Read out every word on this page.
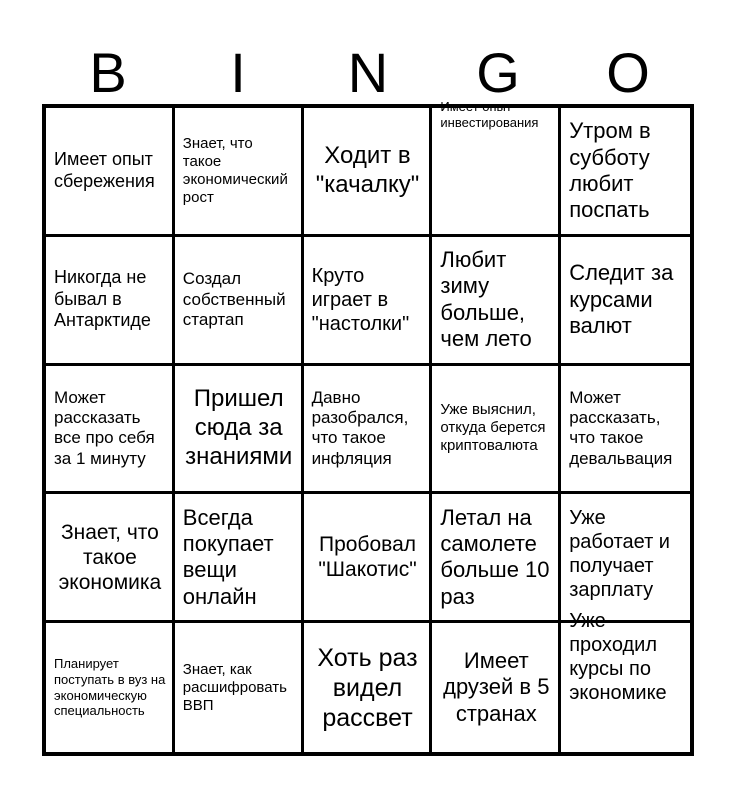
B	I	N	G	O
Имеет опыт сбережения
Знает, что такое экономический рост
Ходит в "качалку"
Имеет опыт инвестирования	Утром в субботу любит поспать
Никогда не бывал в Антарктиде
Создал собственный стартап
Круто играет в "настолки"
Любит зиму больше, чем лето
Следит за курсами валют
Может рассказать все про себя за 1 минуту
Пришел сюда за знаниями
Давно разобрался, что такое инфляция
Уже выяснил, откуда берется криптовалюта
Может рассказать, что такое девальвация
Знает, что такое экономика
Всегда покупает вещи онлайн
Пробовал "Шакотис"
Летал на самолете больше 10 раз
Уже работает и получает зарплату
Планирует поступать в вуз на экономическую специальность
Знает, как расшифровать ВВП
Хоть раз видел рассвет
Имеет друзей в 5 странах
Уже проходил курсы по экономике
